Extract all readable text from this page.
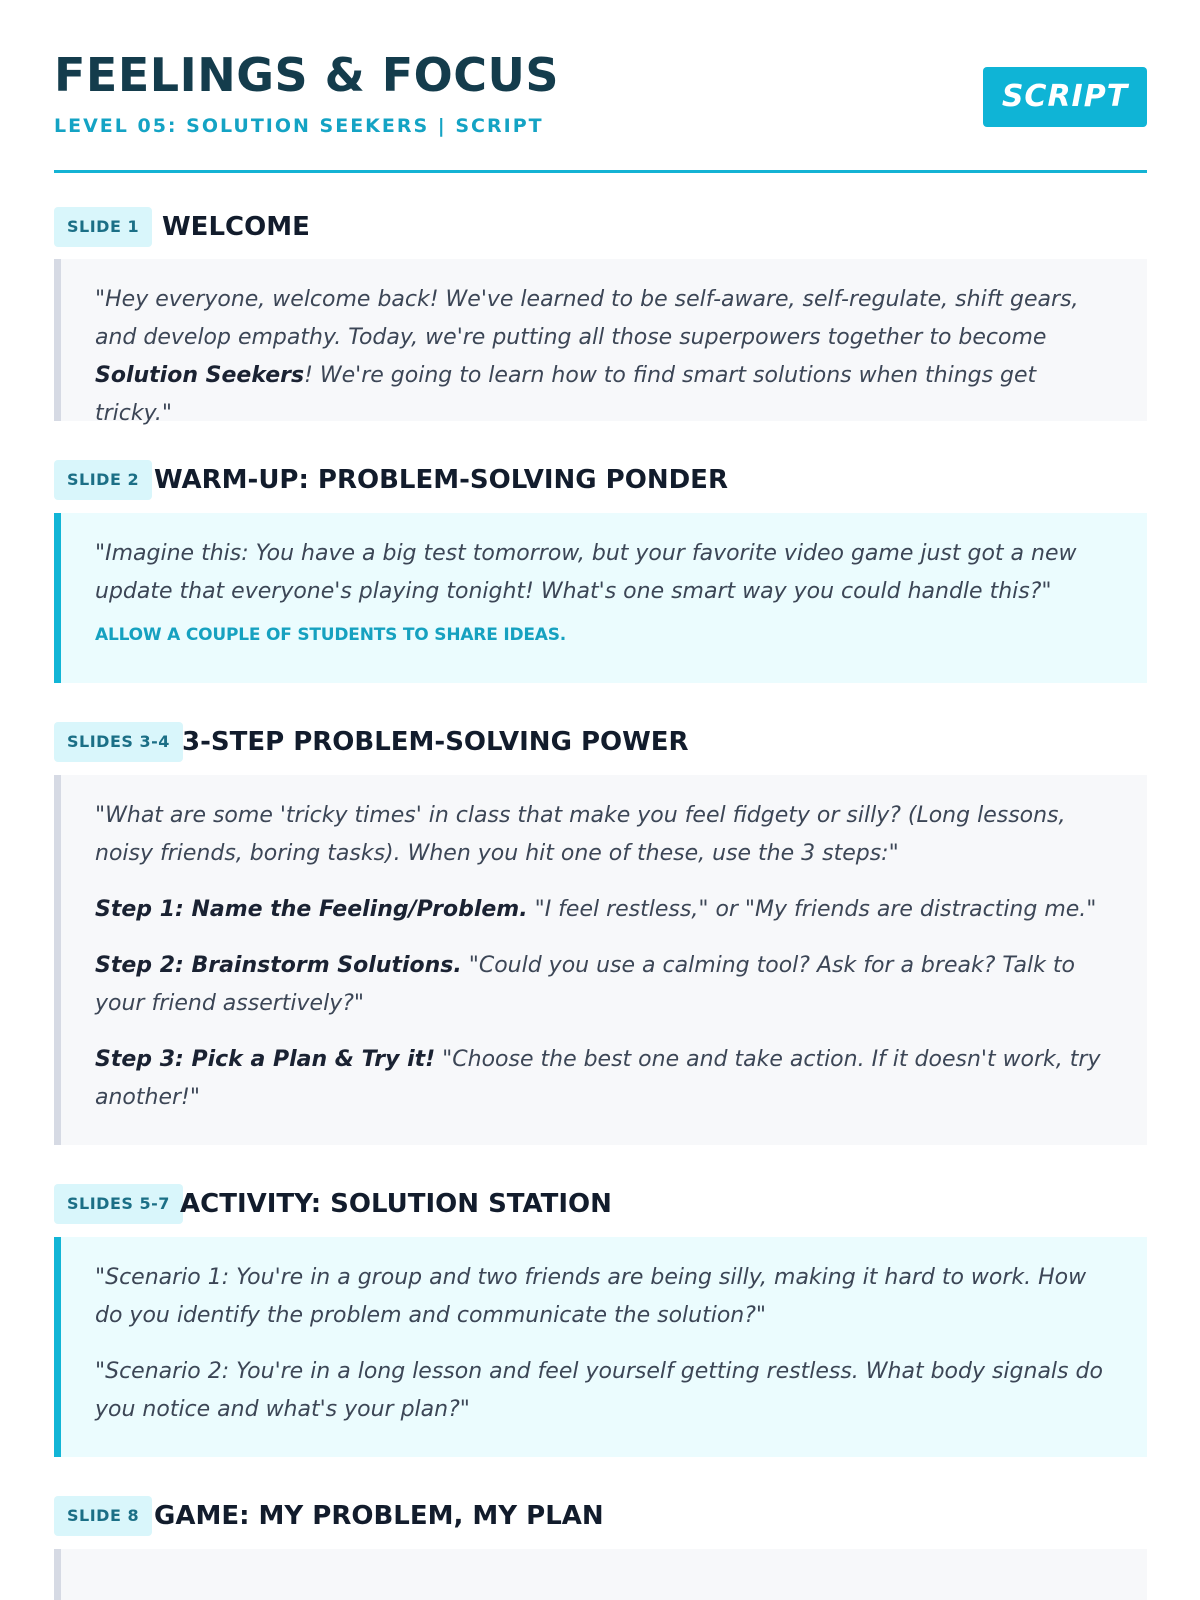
FEELINGS & FOCUS

LEVEL 05: SOLUTION SEEKERS | SCRIPT

SCRIPT
SLIDE 1 WELCOME

"Hey everyone, welcome back! We've learned to be self-aware, self-regulate, shift gears, and develop empathy. Today, we're putting all those superpowers together to become Solution Seekers! We're going to learn how to find smart solutions when things get tricky."

SLIDE 2 WARM-UP: PROBLEM-SOLVING PONDER

"Imagine this: You have a big test tomorrow, but your favorite video game just got a new update that everyone's playing tonight! What's one smart way you could handle this?"

ALLOW A COUPLE OF STUDENTS TO SHARE IDEAS.

SLIDES 3-4 3-STEP PROBLEM-SOLVING POWER

"What are some 'tricky times' in class that make you feel fidgety or silly? (Long lessons, noisy friends, boring tasks). When you hit one of these, use the 3 steps:"

Step 1: Name the Feeling/Problem. "I feel restless," or "My friends are distracting me."

Step 2: Brainstorm Solutions. "Could you use a calming tool? Ask for a break? Talk to your friend assertively?"

Step 3: Pick a Plan & Try it! "Choose the best one and take action. If it doesn't work, try another!"

SLIDES 5-7 ACTIVITY: SOLUTION STATION

"Scenario 1: You're in a group and two friends are being silly, making it hard to work. How do you identify the problem and communicate the solution?"

"Scenario 2: You're in a long lesson and feel yourself getting restless. What body signals do you notice and what's your plan?"

SLIDE 8 GAME: MY PROBLEM, MY PLAN
